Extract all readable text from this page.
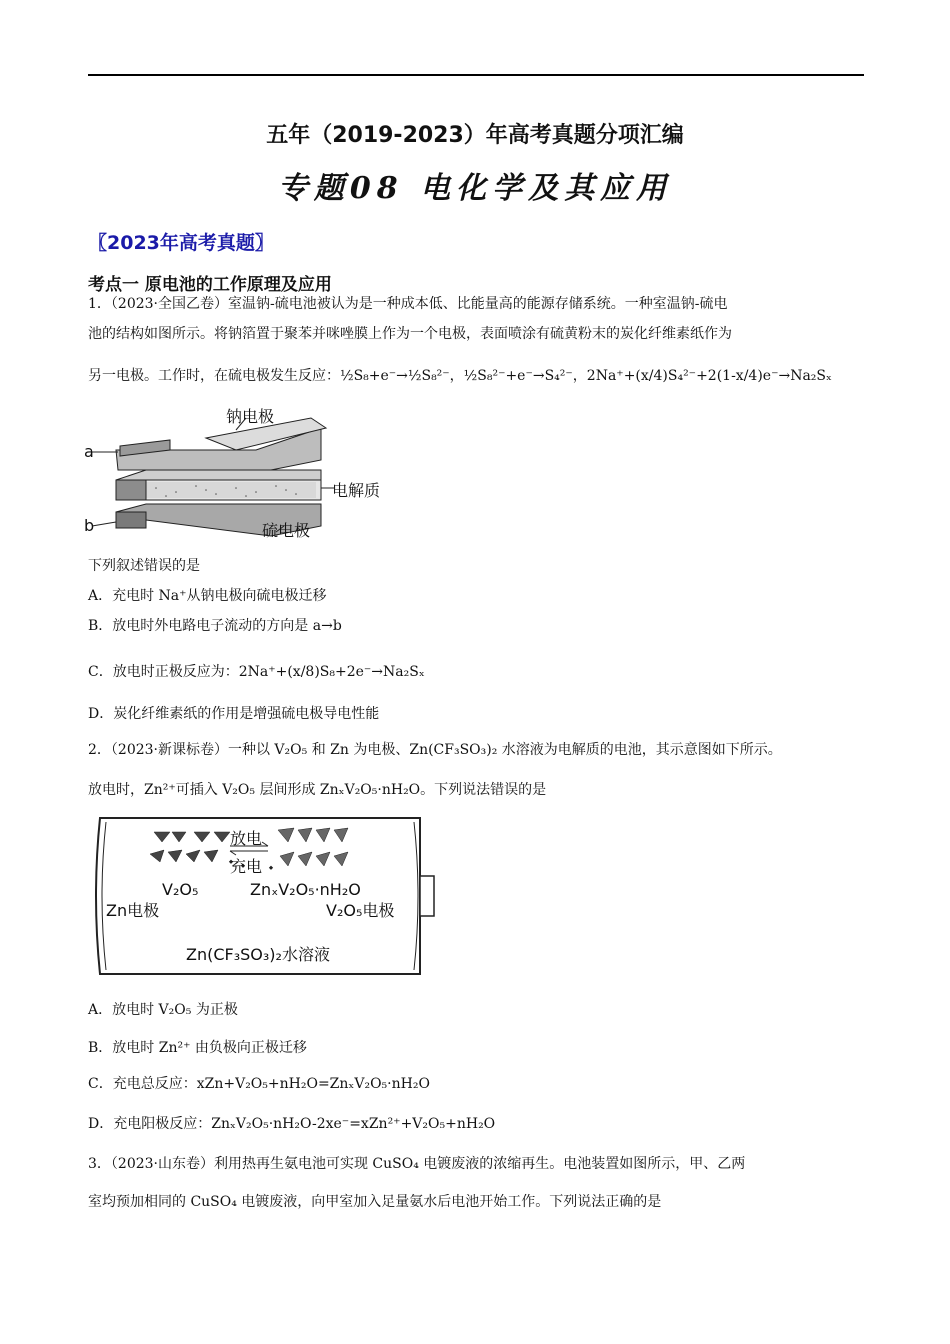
五年（2019-2023）年高考真题分项汇编
专题08 电化学及其应用
〖2023年高考真题〗
考点一 原电池的工作原理及应用
1．（2023·全国乙卷）室温钠-硫电池被认为是一种成本低、比能量高的能源存储系统。一种室温钠-硫电
池的结构如图所示。将钠箔置于聚苯并咪唑膜上作为一个电极，表面喷涂有硫黄粉末的炭化纤维素纸作为
另一电极。工作时，在硫电极发生反应：½S₈+e⁻→½S₈²⁻，½S₈²⁻+e⁻→S₄²⁻，2Na⁺+(x/4)S₄²⁻+2(1-x/4)e⁻→Na₂Sₓ
钠电极
电解质
硫电极
a
b
下列叙述错误的是
A．充电时 Na⁺从钠电极向硫电极迁移
B．放电时外电路电子流动的方向是 a→b
C．放电时正极反应为：2Na⁺+(x/8)S₈+2e⁻→Na₂Sₓ
D．炭化纤维素纸的作用是增强硫电极导电性能
2．（2023·新课标卷）一种以 V₂O₅ 和 Zn 为电极、Zn(CF₃SO₃)₂ 水溶液为电解质的电池，其示意图如下所示。
放电时，Zn²⁺可插入 V₂O₅ 层间形成 ZnₓV₂O₅·nH₂O。下列说法错误的是
放电
充电
V₂O₅	ZnₓV₂O₅·nH₂O
Zn电极	V₂O₅电极
Zn(CF₃SO₃)₂水溶液
A．放电时 V₂O₅ 为正极
B．放电时 Zn²⁺ 由负极向正极迁移
C．充电总反应：xZn+V₂O₅+nH₂O=ZnₓV₂O₅·nH₂O
D．充电阳极反应：ZnₓV₂O₅·nH₂O-2xe⁻=xZn²⁺+V₂O₅+nH₂O
3．（2023·山东卷）利用热再生氨电池可实现 CuSO₄ 电镀废液的浓缩再生。电池装置如图所示，甲、乙两
室均预加相同的 CuSO₄ 电镀废液，向甲室加入足量氨水后电池开始工作。下列说法正确的是
